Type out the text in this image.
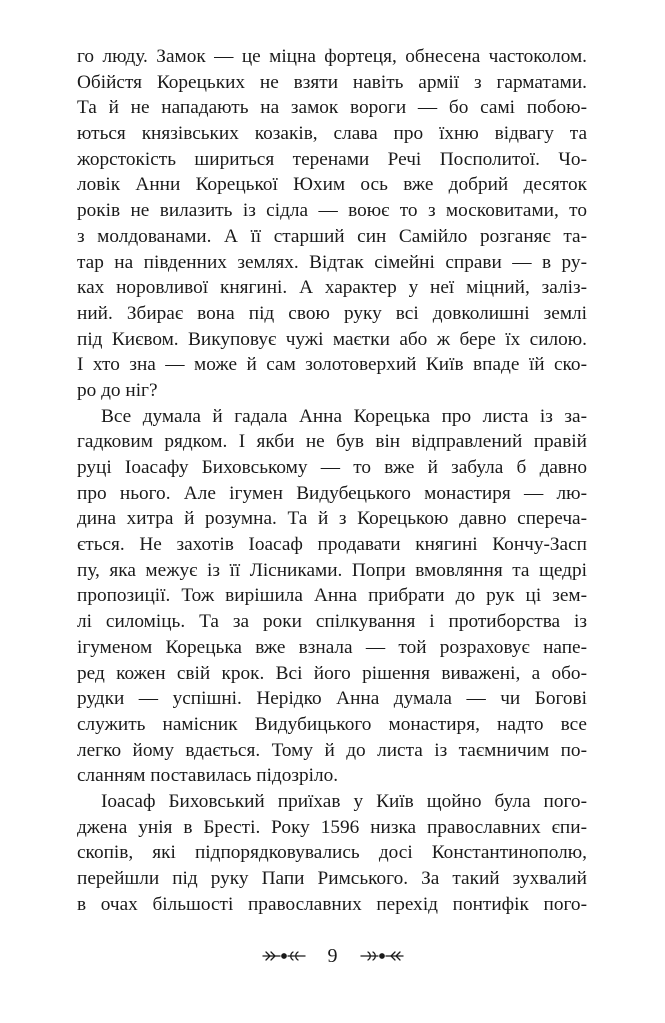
го люду. Замок — це міцна фортеця, обнесена частоколом.
Обійстя Корецьких не взяти навіть армії з гарматами.
Та й не нападають на замок вороги — бо самі побою-
ються князівських козаків, слава про їхню відвагу та
жорстокість шириться теренами Речі Посполитої. Чо-
ловік Анни Корецької Юхим ось вже добрий десяток
років не вилазить із сідла — воює то з московитами, то
з молдованами. А її старший син Самійло розганяє та-
тар на південних землях. Відтак сімейні справи — в ру-
ках норовливої княгині. А характер у неї міцний, заліз-
ний. Збирає вона під свою руку всі довколишні землі
під Києвом. Викуповує чужі маєтки або ж бере їх силою.
І хто зна — може й сам золотоверхий Київ впаде їй ско-
ро до ніг?
Все думала й гадала Анна Корецька про листа із за-
гадковим рядком. І якби не був він відправлений правій
руці Іоасафу Биховському — то вже й забула б давно
про нього. Але ігумен Видубецького монастиря — лю-
дина хитра й розумна. Та й з Корецькою давно спереча-
ється. Не захотів Іоасаф продавати княгині Кончу-Засп
пу, яка межує із її Лісниками. Попри вмовляння та щедрі
пропозиції. Тож вирішила Анна прибрати до рук ці зем-
лі силоміць. Та за роки спілкування і протиборства із
ігуменом Корецька вже взнала — той розраховує напе-
ред кожен свій крок. Всі його рішення виважені, а обо-
рудки — успішні. Нерідко Анна думала — чи Богові
служить намісник Видубицького монастиря, надто все
легко йому вдається. Тому й до листа із таємничим по-
сланням поставилась підозріло.
Іоасаф Биховський приїхав у Київ щойно була пого-
джена унія в Бресті. Року 1596 низка православних єпи-
скопів, які підпорядковувались досі Константинополю,
перейшли під руку Папи Римського. За такий зухвалий
в очах більшості православних перехід понтифік пого-
9
